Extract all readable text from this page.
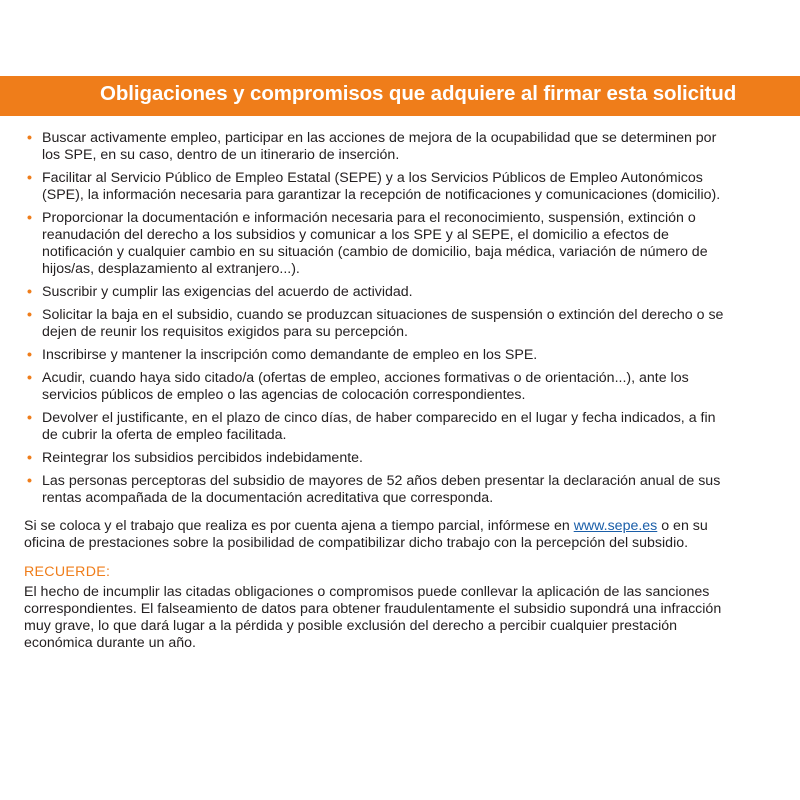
Obligaciones y compromisos que adquiere al firmar esta solicitud
• Buscar activamente empleo, participar en las acciones de mejora de la ocupabilidad que se determinen por los SPE, en su caso, dentro de un itinerario de inserción.
• Facilitar al Servicio Público de Empleo Estatal (SEPE) y a los Servicios Públicos de Empleo Autonómicos (SPE), la información necesaria para garantizar la recepción de notificaciones y comunicaciones (domicilio).
• Proporcionar la documentación e información necesaria para el reconocimiento, suspensión, extinción o reanudación del derecho a los subsidios y comunicar a los SPE y al SEPE, el domicilio a efectos de notificación y cualquier cambio en su situación (cambio de domicilio, baja médica, variación de número de hijos/as, desplazamiento al extranjero...).
• Suscribir y cumplir las exigencias del acuerdo de actividad.
• Solicitar la baja en el subsidio, cuando se produzcan situaciones de suspensión o extinción del derecho o se dejen de reunir los requisitos exigidos para su percepción.
• Inscribirse y mantener la inscripción como demandante de empleo en los SPE.
• Acudir, cuando haya sido citado/a (ofertas de empleo, acciones formativas o de orientación...), ante los servicios públicos de empleo o las agencias de colocación correspondientes.
• Devolver el justificante, en el plazo de cinco días, de haber comparecido en el lugar y fecha indicados, a fin de cubrir la oferta de empleo facilitada.
• Reintegrar los subsidios percibidos indebidamente.
• Las personas perceptoras del subsidio de mayores de 52 años deben presentar la declaración anual de sus rentas acompañada de la documentación acreditativa que corresponda.
Si se coloca y el trabajo que realiza es por cuenta ajena a tiempo parcial, infórmese en www.sepe.es o en su oficina de prestaciones sobre la posibilidad de compatibilizar dicho trabajo con la percepción del subsidio.
RECUERDE:
El hecho de incumplir las citadas obligaciones o compromisos puede conllevar la aplicación de las sanciones correspondientes. El falseamiento de datos para obtener fraudulentamente el subsidio supondrá una infracción muy grave, lo que dará lugar a la pérdida y posible exclusión del derecho a percibir cualquier prestación económica durante un año.
